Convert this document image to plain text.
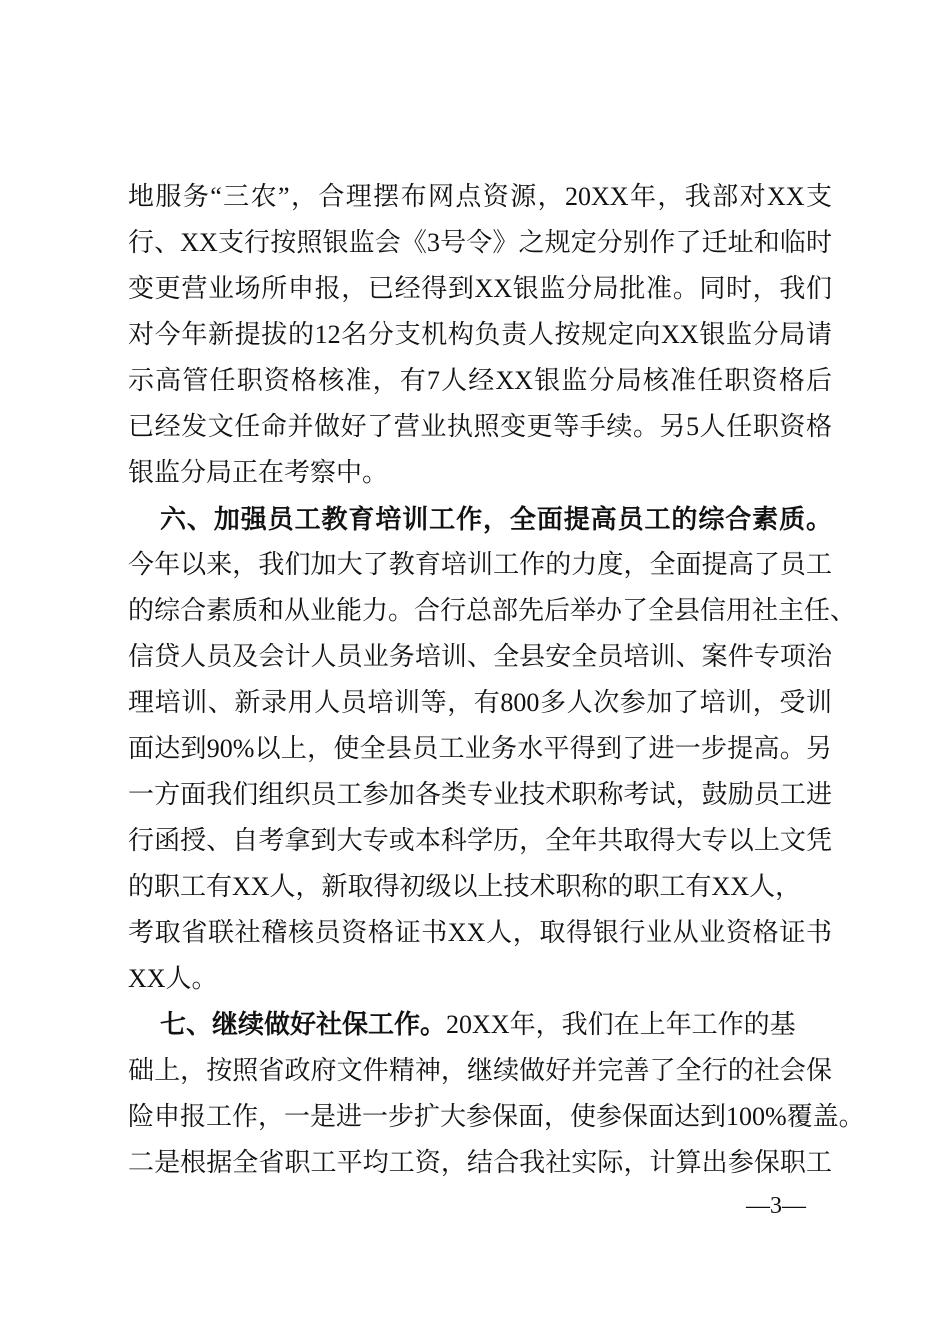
地服务“三农”，合理摆布网点资源，20XX年，我部对XX支
行、XX支行按照银监会《3号令》之规定分别作了迁址和临时
变更营业场所申报，已经得到XX银监分局批准。同时，我们
对今年新提拔的12名分支机构负责人按规定向XX银监分局请
示高管任职资格核准，有7人经XX银监分局核准任职资格后
已经发文任命并做好了营业执照变更等手续。另5人任职资格
银监分局正在考察中。
六、加强员工教育培训工作，全面提高员工的综合素质。
今年以来，我们加大了教育培训工作的力度，全面提高了员工
的综合素质和从业能力。合行总部先后举办了全县信用社主任、
信贷人员及会计人员业务培训、全县安全员培训、案件专项治
理培训、新录用人员培训等，有800多人次参加了培训，受训
面达到90%以上，使全县员工业务水平得到了进一步提高。另
一方面我们组织员工参加各类专业技术职称考试，鼓励员工进
行函授、自考拿到大专或本科学历，全年共取得大专以上文凭
的职工有XX人，新取得初级以上技术职称的职工有XX人，
考取省联社稽核员资格证书XX人，取得银行业从业资格证书
XX人。
七、继续做好社保工作。20XX年，我们在上年工作的基
础上，按照省政府文件精神，继续做好并完善了全行的社会保
险申报工作，一是进一步扩大参保面，使参保面达到100%覆盖。
二是根据全省职工平均工资，结合我社实际，计算出参保职工
—3—
